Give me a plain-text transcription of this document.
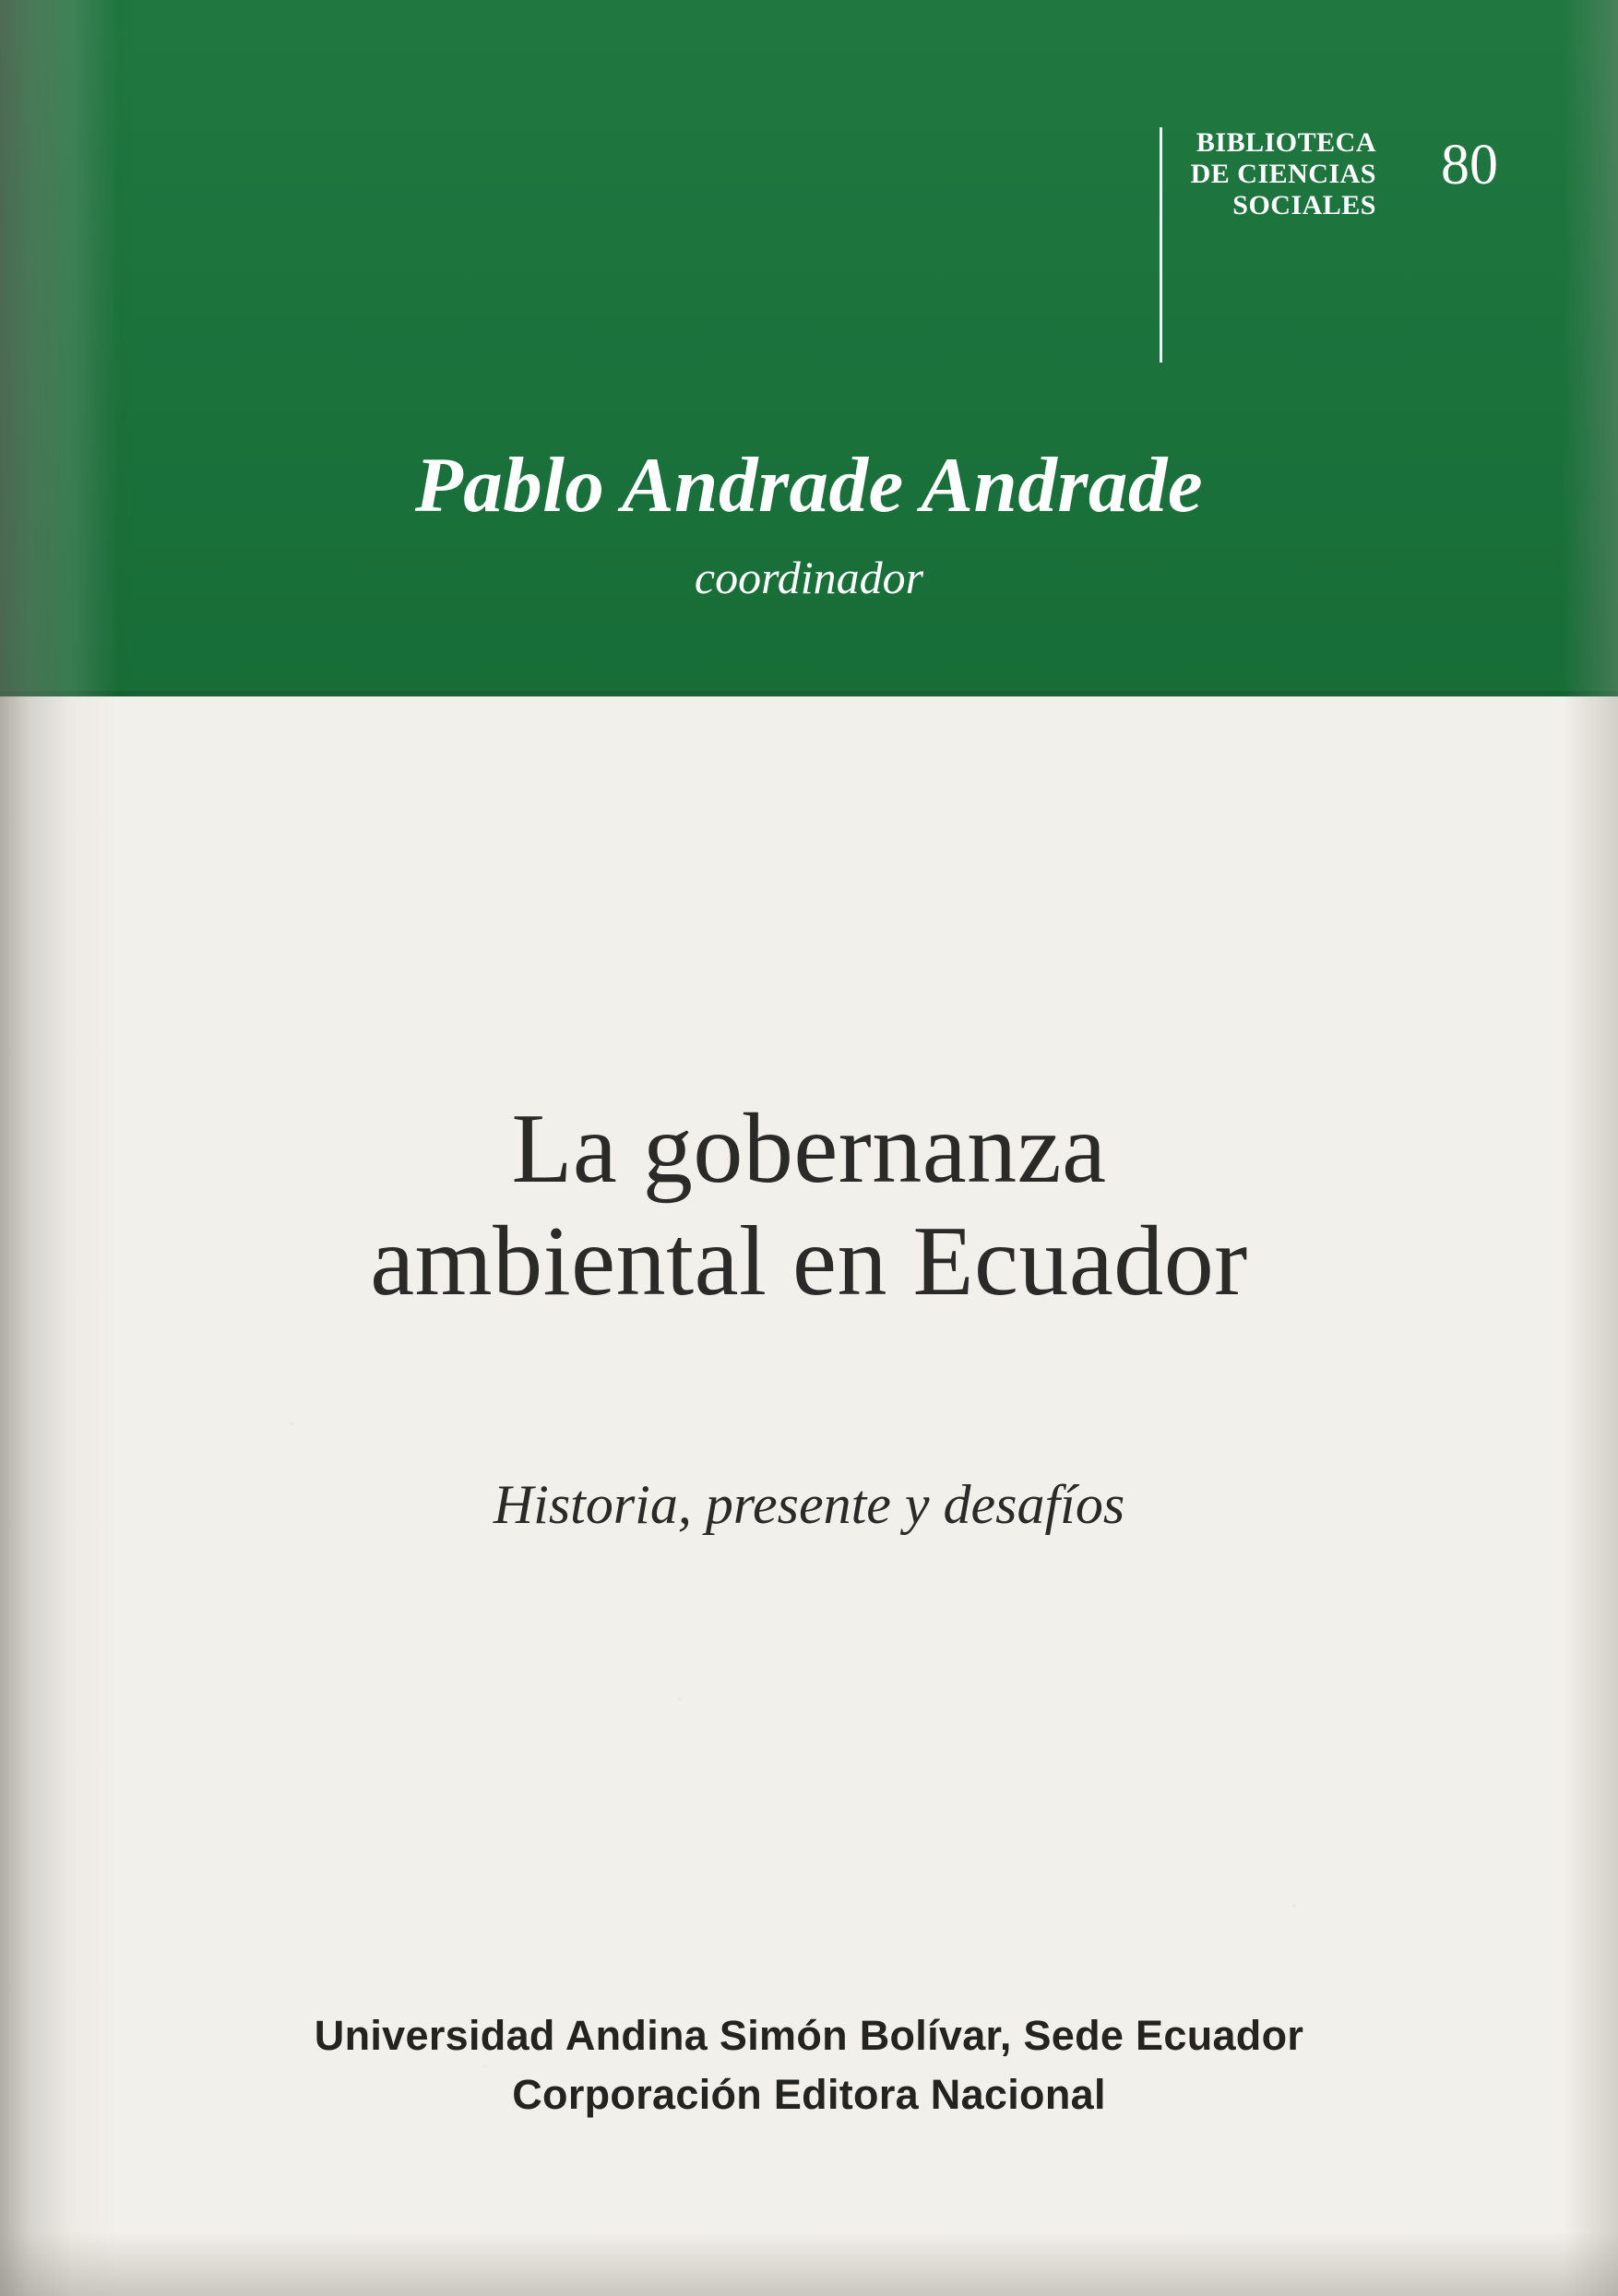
BIBLIOTECA
DE CIENCIAS
SOCIALES
80
Pablo Andrade Andrade
coordinador
La gobernanza
ambiental en Ecuador
Historia, presente y desafíos
Universidad Andina Simón Bolívar, Sede Ecuador
Corporación Editora Nacional
